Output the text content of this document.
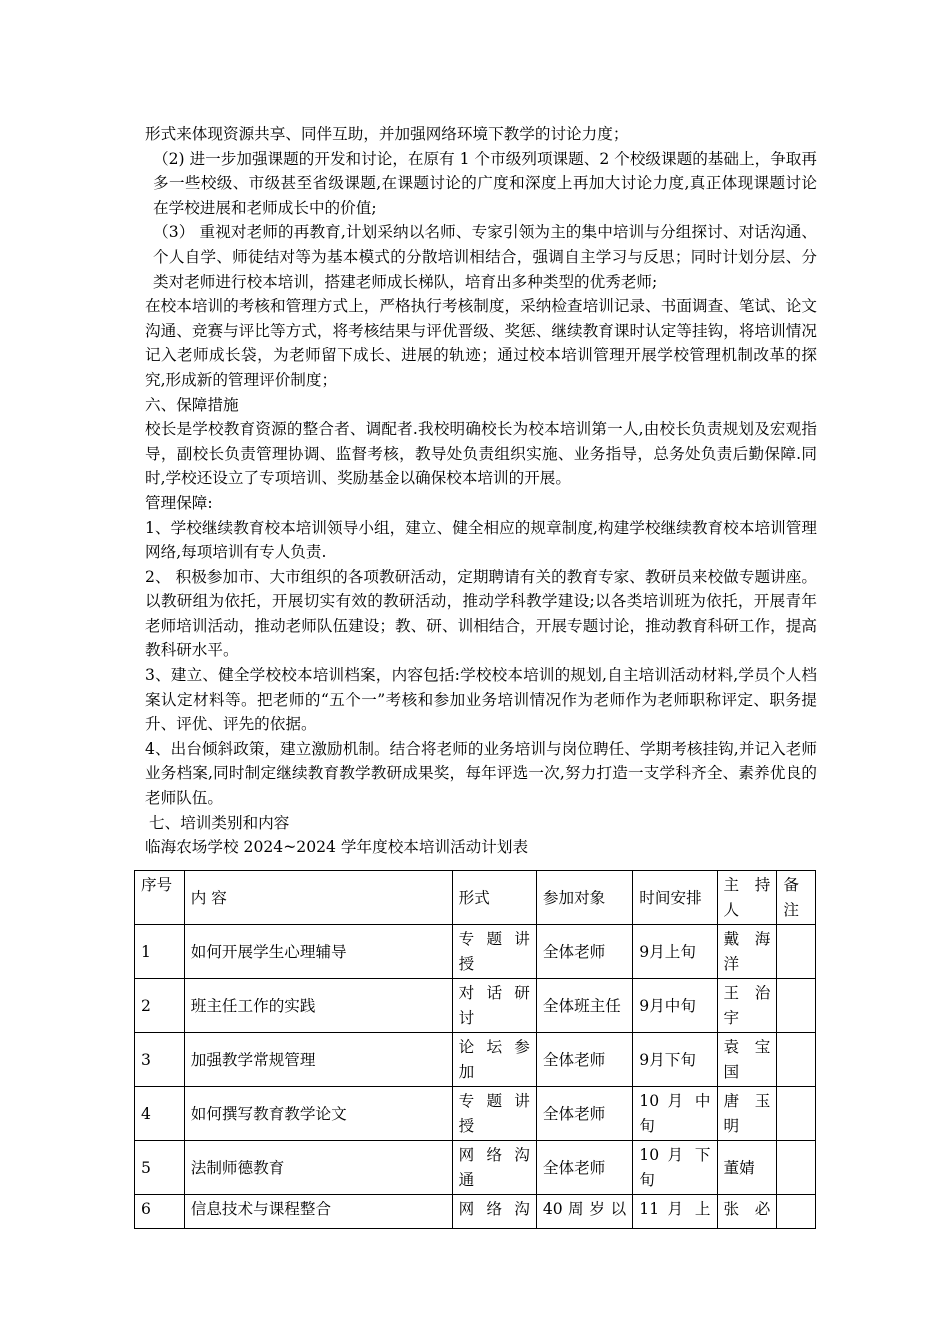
形式来体现资源共享、同伴互助，并加强网络环境下教学的讨论力度；

（2) 进一步加强课题的开发和讨论，在原有 1 个市级列项课题、2 个校级课题的基础上，争取再多一些校级、市级甚至省级课题,在课题讨论的广度和深度上再加大讨论力度,真正体现课题讨论在学校进展和老师成长中的价值;

（3） 重视对老师的再教育,计划采纳以名师、专家引领为主的集中培训与分组探讨、对话沟通、个人自学、师徒结对等为基本模式的分散培训相结合，强调自主学习与反思；同时计划分层、分类对老师进行校本培训，搭建老师成长梯队，培育出多种类型的优秀老师;

在校本培训的考核和管理方式上，严格执行考核制度，采纳检查培训记录、书面调查、笔试、论文沟通、竞赛与评比等方式，将考核结果与评优晋级、奖惩、继续教育课时认定等挂钩，将培训情况记入老师成长袋，为老师留下成长、进展的轨迹；通过校本培训管理开展学校管理机制改革的探究,形成新的管理评价制度；

六、保障措施

校长是学校教育资源的整合者、调配者.我校明确校长为校本培训第一人,由校长负责规划及宏观指导，副校长负责管理协调、监督考核，教导处负责组织实施、业务指导，总务处负责后勤保障.同时,学校还设立了专项培训、奖励基金以确保校本培训的开展。

管理保障:

1、学校继续教育校本培训领导小组，建立、健全相应的规章制度,构建学校继续教育校本培训管理网络,每项培训有专人负责.

2、 积极参加市、大市组织的各项教研活动，定期聘请有关的教育专家、教研员来校做专题讲座。以教研组为依托，开展切实有效的教研活动，推动学科教学建设;以各类培训班为依托，开展青年老师培训活动，推动老师队伍建设；教、研、训相结合，开展专题讨论，推动教育科研工作，提高教科研水平。

3、建立、健全学校校本培训档案，内容包括:学校校本培训的规划,自主培训活动材料,学员个人档案认定材料等。把老师的“五个一”考核和参加业务培训情况作为老师作为老师职称评定、职务提升、评优、评先的依据。

4、出台倾斜政策，建立激励机制。结合将老师的业务培训与岗位聘任、学期考核挂钩,并记入老师业务档案,同时制定继续教育教学教研成果奖，每年评选一次,努力打造一支学科齐全、素养优良的老师队伍。

七、培训类别和内容

临海农场学校 2024~2024 学年度校本培训活动计划表

序号	内 容	形式	参加对象	时间安排	主 持人	备注
1	如何开展学生心理辅导	专 题 讲授	全体老师	9月上旬	戴 海洋	
2	班主任工作的实践	对 话 研讨	全体班主任	9月中旬	王 治宇	
3	加强教学常规管理	论 坛 参加	全体老师	9月下旬	袁 宝国	
4	如何撰写教育教学论文	专 题 讲授	全体老师	10 月 中旬	唐 玉明	
5	法制师德教育	网 络 沟通	全体老师	10 月 下旬	董婧	

6	信息技术与课程整合	网 络 沟	40 周 岁 以	11 月 上	张 必	
